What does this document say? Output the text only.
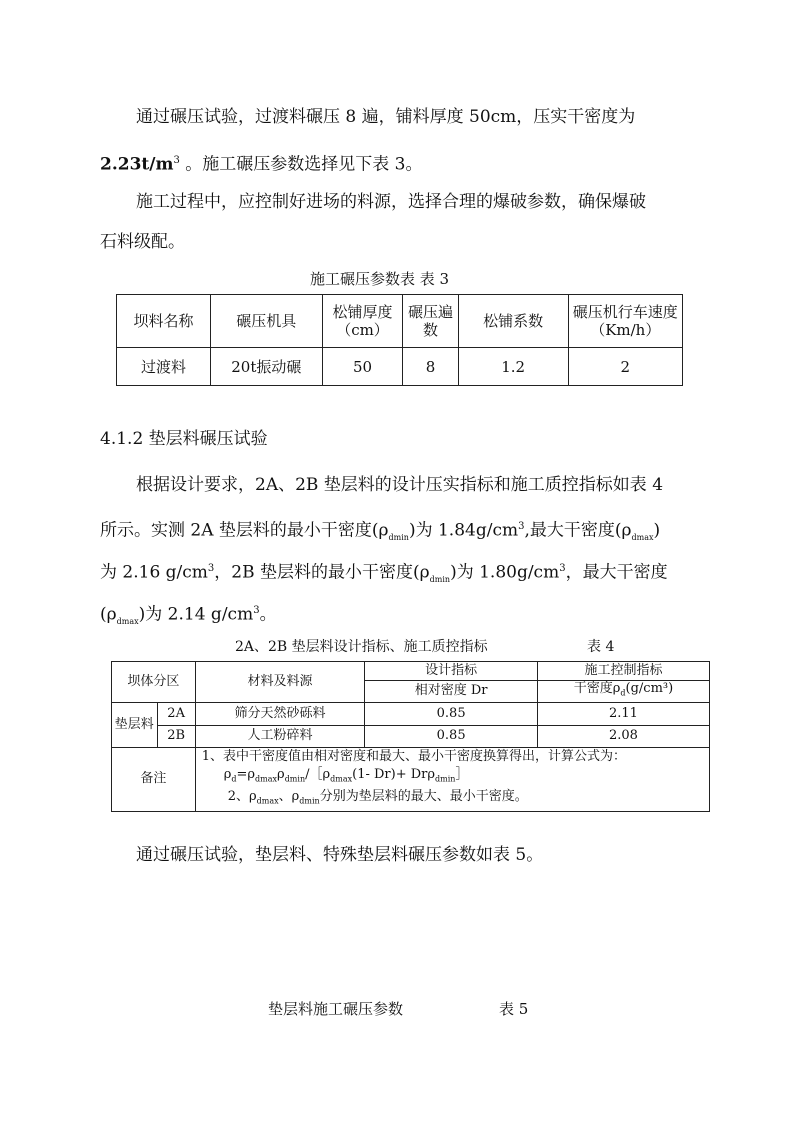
通过碾压试验，过渡料碾压 8 遍，铺料厚度 50cm，压实干密度为
$2.23t/m^3$ 。施工碾压参数选择见下表 3。
施工过程中，应控制好进场的料源，选择合理的爆破参数，确保爆破
石料级配。
施工碾压参数表 表 3
坝料名称	碾压机具	松铺厚度（cm）	碾压遍数	松铺系数	碾压机行车速度（Km/h）
过渡料	20t振动碾	50	8	1.2	2
4.1.2 垫层料碾压试验
根据设计要求，2A、2B 垫层料的设计压实指标和施工质控指标如表 4
所示。实测 2A 垫层料的最小干密度$(\rho_{dmin})$为 $1.84g/cm^3$,最大干密度$(\rho_{dmax})$
为 2.16 $g/cm^3$，2B 垫层料的最小干密度$(\rho_{dmin})$为 $1.80g/cm^3$，最大干密度
$(\rho_{dmax})$为 2.14 $g/cm^3$。
2A、2B 垫层料设计指标、施工质控指标	表 4
坝体分区		材料及料源	设计指标	施工控制指标
			相对密度 Dr	干密度$\rho_d(g/cm^3)$
垫层料	2A	筛分天然砂砾料	0.85	2.11
	2B	人工粉碎料	0.85	2.08
备注		1、表中干密度值由相对密度和最大、最小干密度换算得出，计算公式为：
$\rho_d=\rho_{dmax}\rho_{dmin}/[\rho_{dmax}(1-$ Dr)+ Drρ$_{dmin}$］
2、$\rho_{dmax}$、$\rho_{dmin}$分别为垫层料的最大、最小干密度。		
通过碾压试验，垫层料、特殊垫层料碾压参数如表 5。
垫层料施工碾压参数	表 5
